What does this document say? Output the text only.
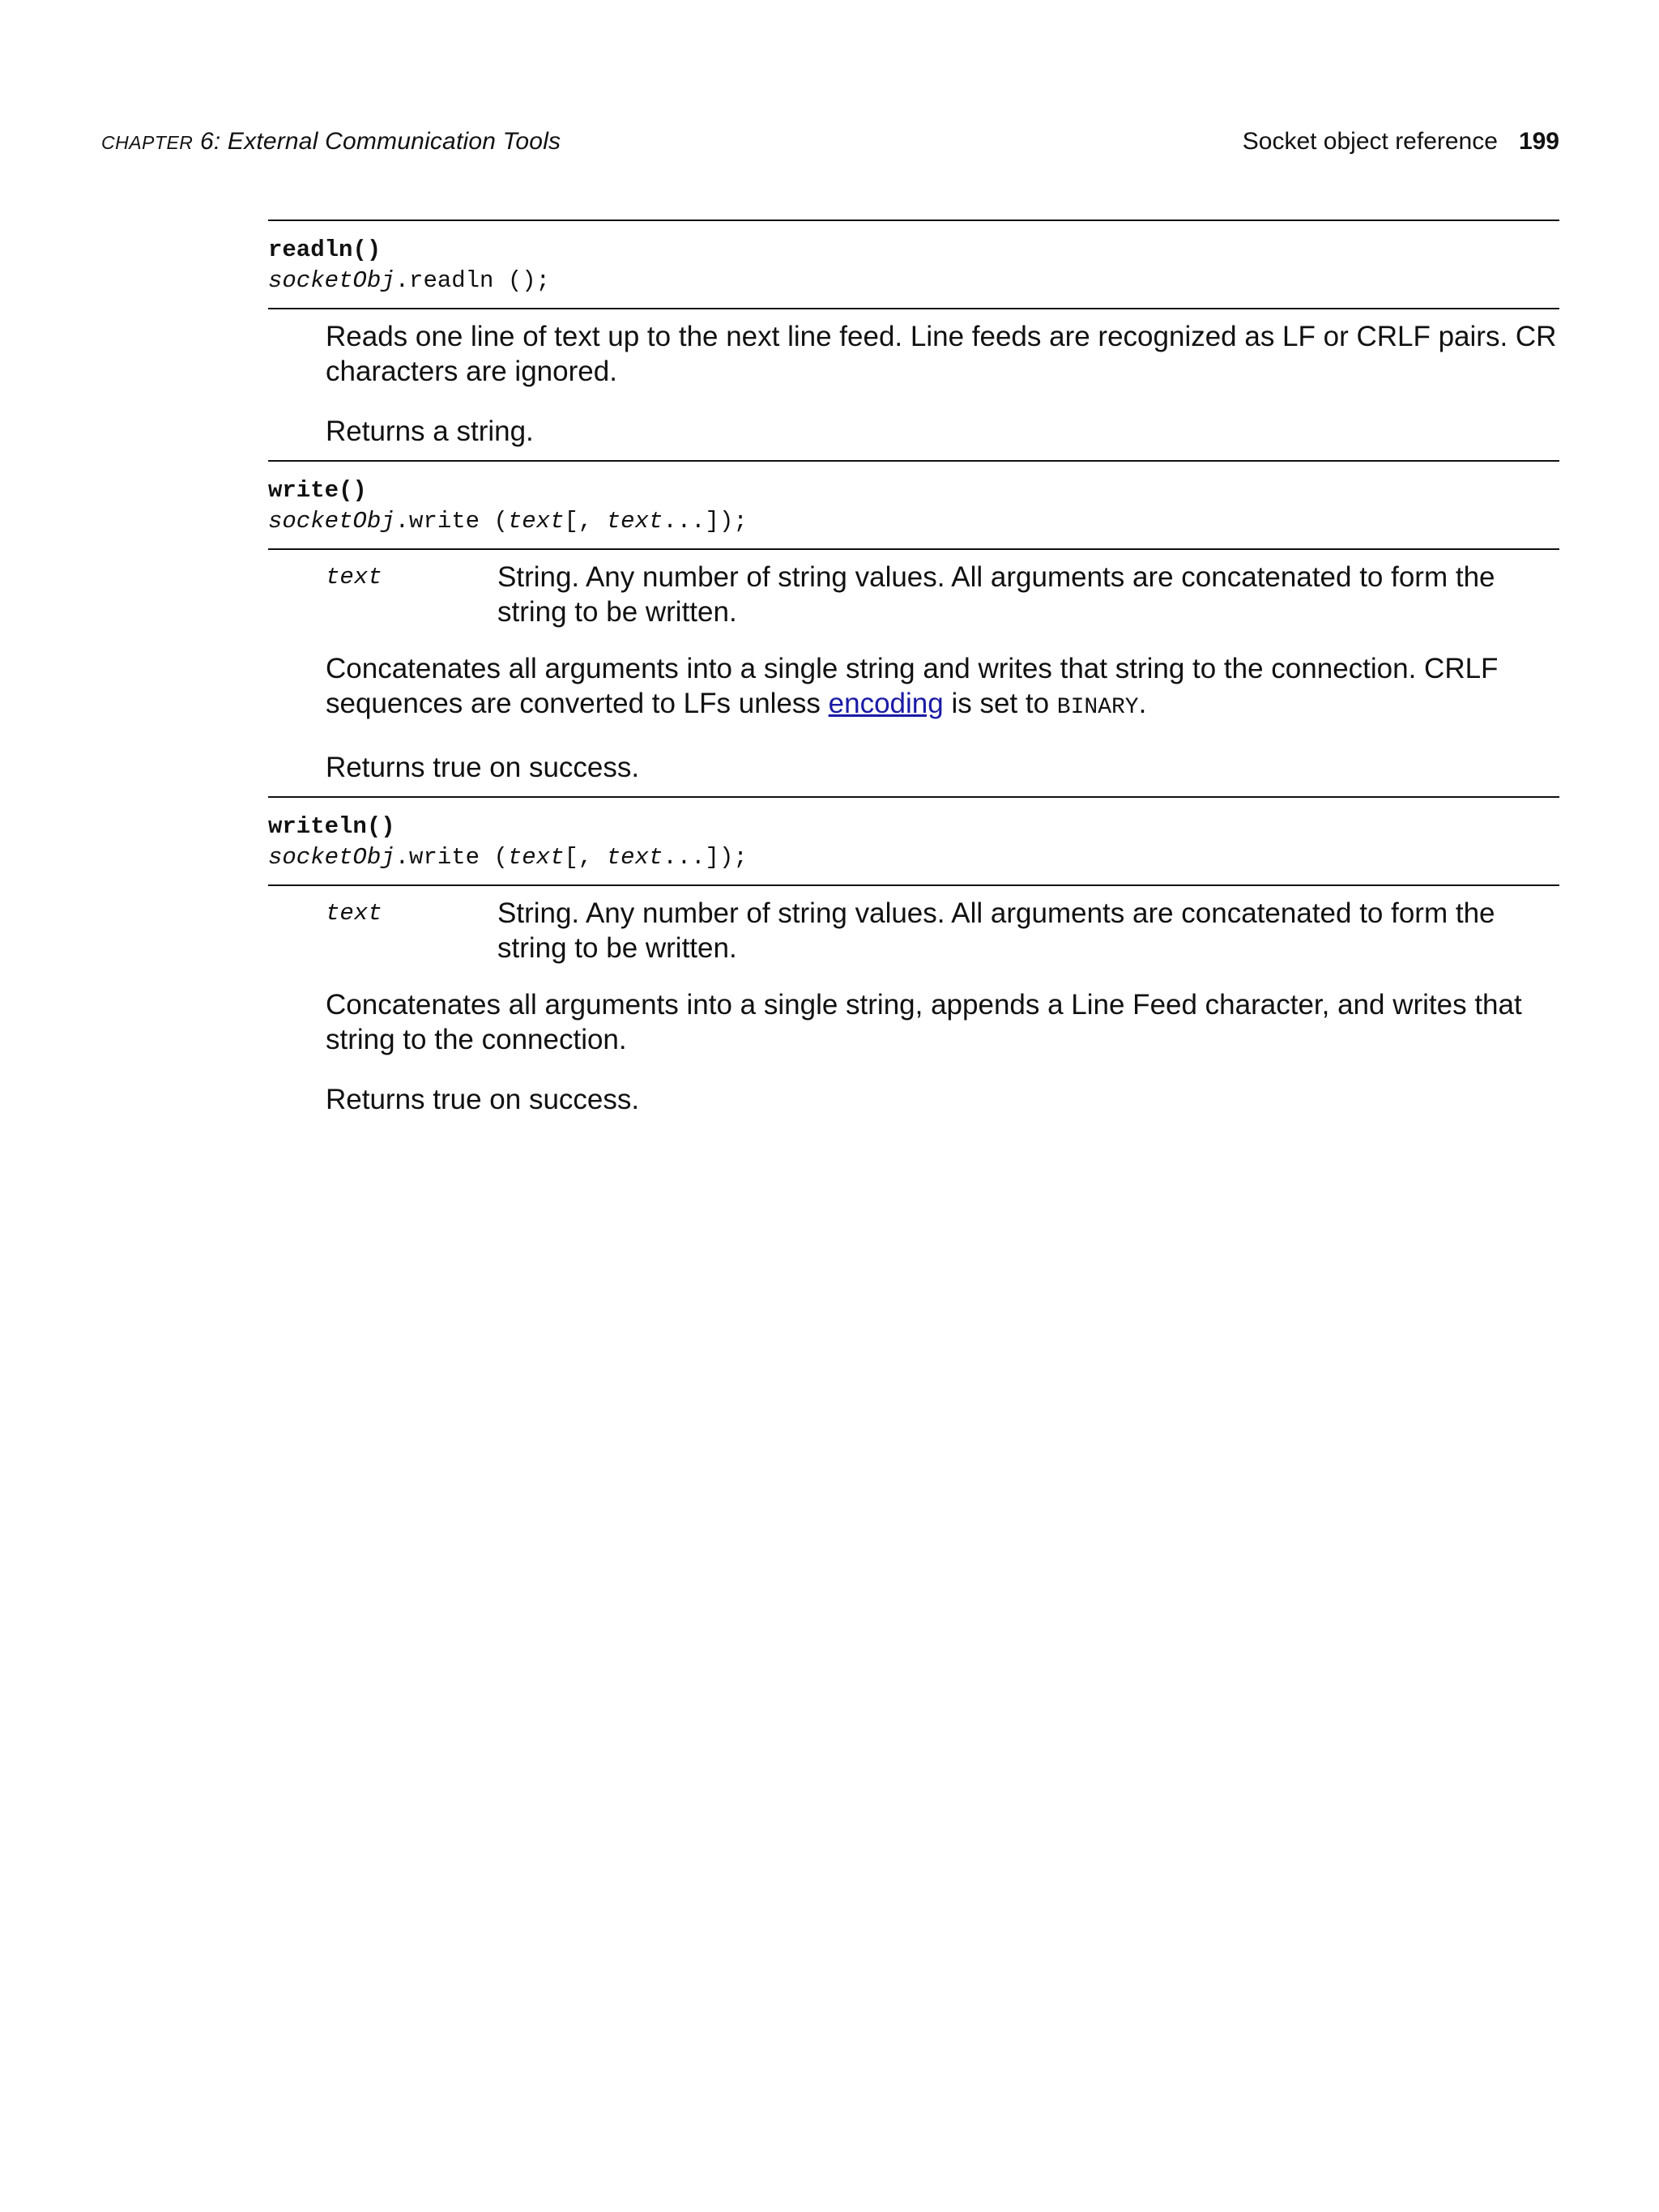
CHAPTER 6: External Communication Tools	Socket object reference 199
readln()
socketObj.readln ();

Reads one line of text up to the next line feed. Line feeds are recognized as LF or CRLF pairs. CR characters are ignored.

Returns a string.

write()
socketObj.write (text[, text...]);
text	String. Any number of string values. All arguments are concatenated to form the string to be written.

Concatenates all arguments into a single string and writes that string to the connection. CRLF sequences are converted to LFs unless encoding is set to BINARY.

Returns true on success.

writeln()
socketObj.write (text[, text...]);
text	String. Any number of string values. All arguments are concatenated to form the string to be written.

Concatenates all arguments into a single string, appends a Line Feed character, and writes that string to the connection.

Returns true on success.
